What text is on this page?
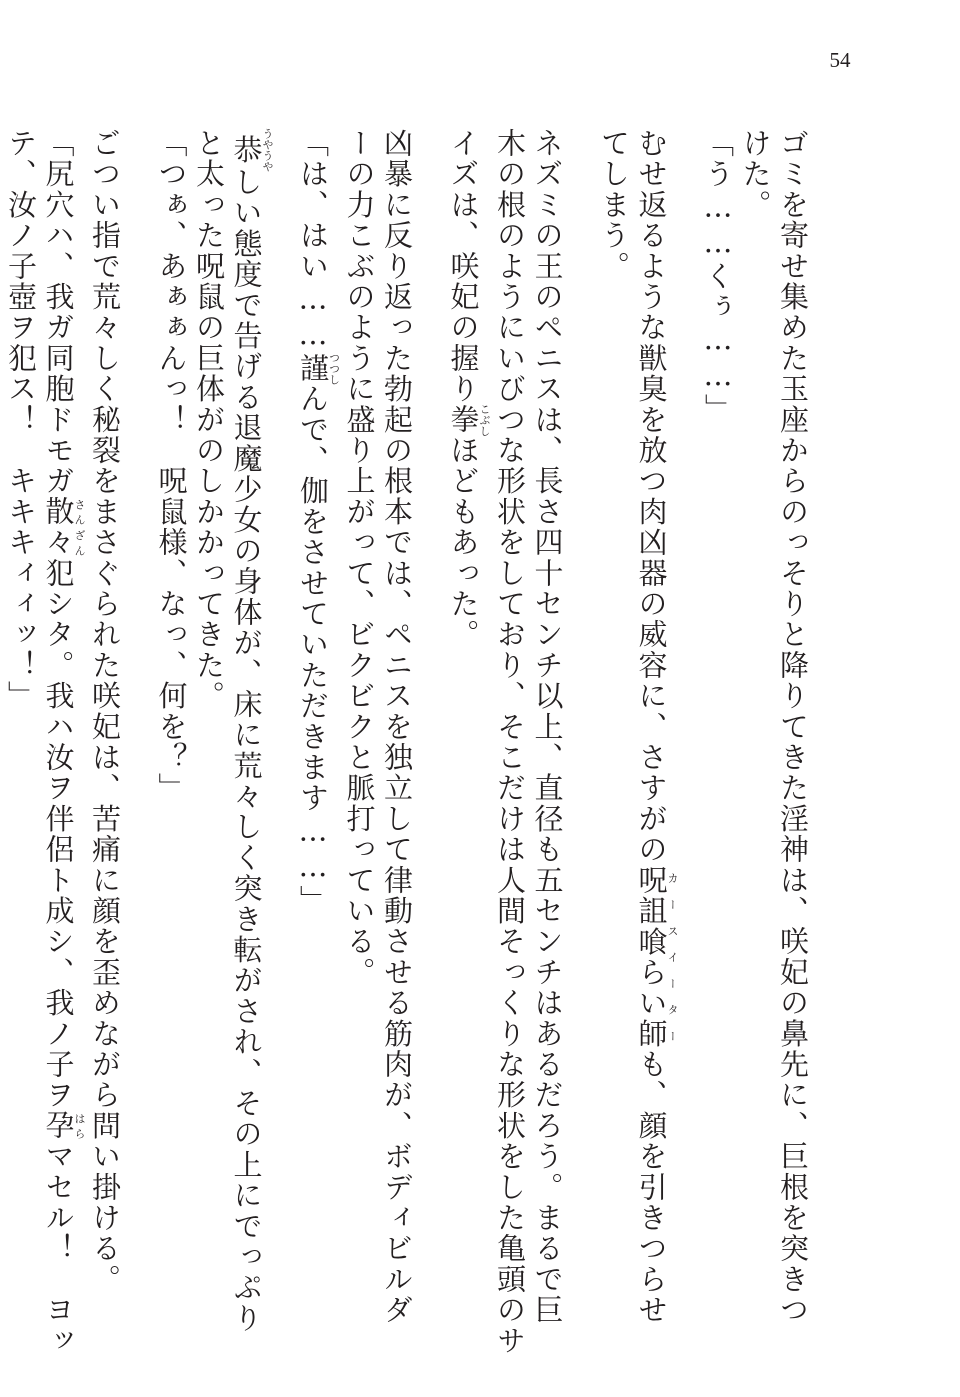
54
ゴミを寄せ集めた玉座からのっそりと降りてきた淫神は、咲妃の鼻先に、巨根を突きつ
けた。
「う……くぅ……」
むせ返るような獣臭を放つ肉凶器の威容に、さすがの呪詛喰らい師カースイーターも、顔を引きつらせ
てしまう。
ネズミの王のペニスは、長さ四十センチ以上、直径も五センチはあるだろう。まるで巨
木の根のようにいびつな形状をしており、そこだけは人間そっくりな形状をした亀頭のサ
イズは、咲妃の握り拳こぶしほどもあった。
凶暴に反り返った勃起の根本では、ペニスを独立して律動させる筋肉が、ボディビルダ
ーの力こぶのように盛り上がって、ビクビクと脈打っている。
「は、はい……謹つつしんで、伽をさせていただきます……」
恭うやうやしい態度で告げる退魔少女の身体が、床に荒々しく突き転がされ、その上にでっぷり
と太った呪鼠の巨体がのしかかってきた。
「つぁ、あぁぁんっ！　呪鼠様、なっ、何を？」
ごつい指で荒々しく秘裂をまさぐられた咲妃は、苦痛に顔を歪めながら問い掛ける。
「尻穴ハ、我ガ同胞ドモガ散々さんざん犯シタ。我ハ汝ヲ伴侶ト成シ、我ノ子ヲ孕はらマセル！　ヨッ
テ、汝ノ子壺ヲ犯ス！　キキキィィッ！」
